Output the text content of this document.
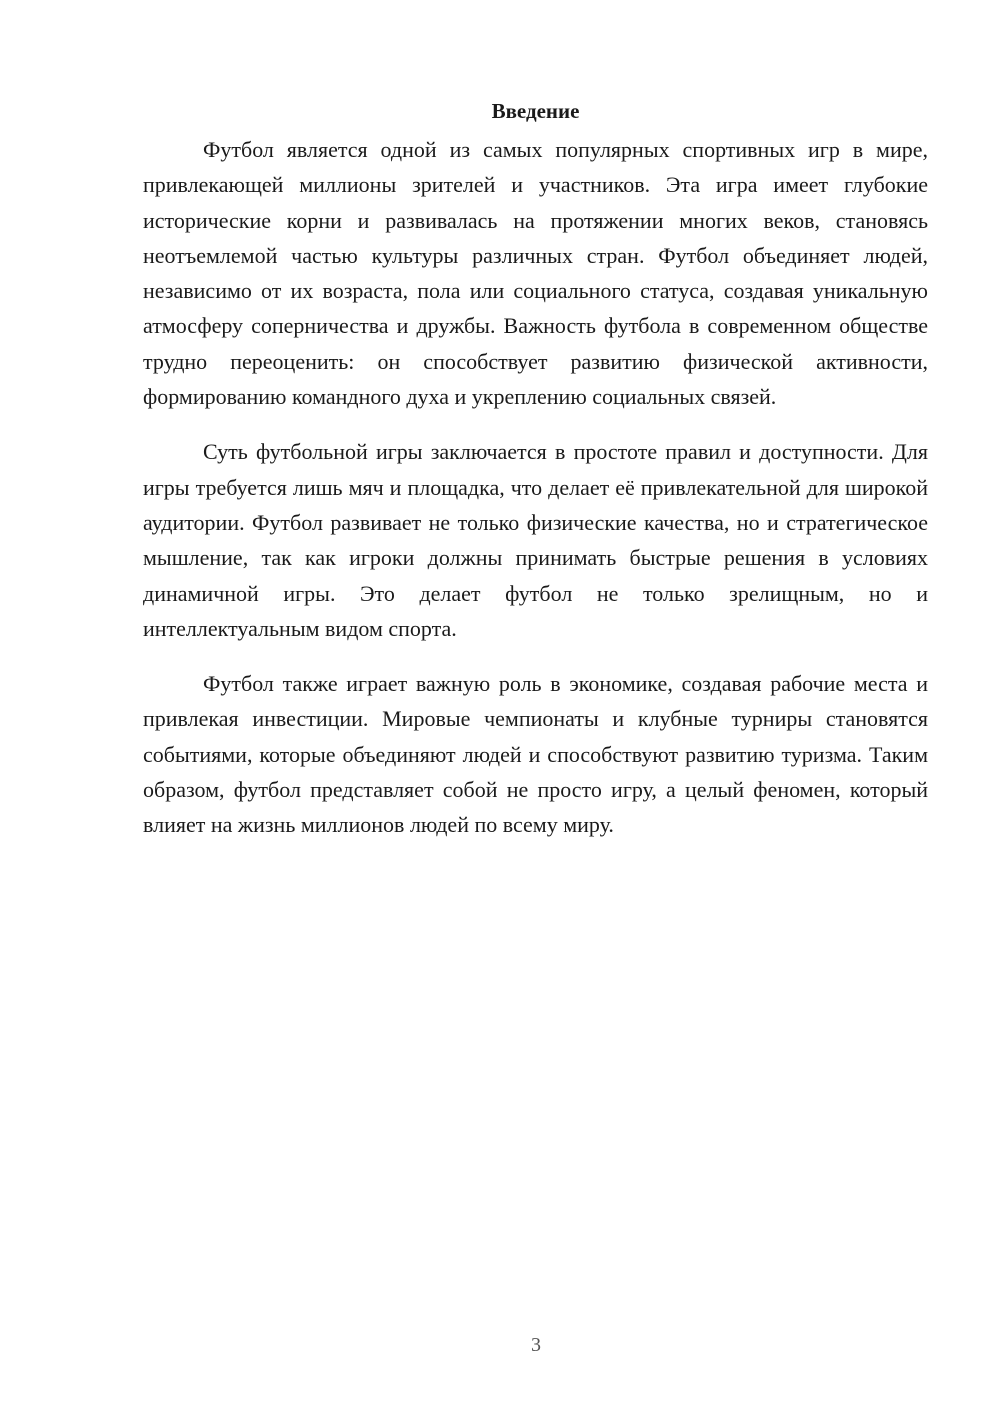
Введение

Футбол является одной из самых популярных спортивных игр в мире, привлекающей миллионы зрителей и участников. Эта игра имеет глубокие исторические корни и развивалась на протяжении многих веков, становясь неотъемлемой частью культуры различных стран. Футбол объединяет людей, независимо от их возраста, пола или социального статуса, создавая уникальную атмосферу соперничества и дружбы. Важность футбола в современном обществе трудно переоценить: он способствует развитию физической активности, формированию командного духа и укреплению социальных связей.

Суть футбольной игры заключается в простоте правил и доступности. Для игры требуется лишь мяч и площадка, что делает её привлекательной для широкой аудитории. Футбол развивает не только физические качества, но и стратегическое мышление, так как игроки должны принимать быстрые решения в условиях динамичной игры. Это делает футбол не только зрелищным, но и интеллектуальным видом спорта.

Футбол также играет важную роль в экономике, создавая рабочие места и привлекая инвестиции. Мировые чемпионаты и клубные турниры становятся событиями, которые объединяют людей и способствуют развитию туризма. Таким образом, футбол представляет собой не просто игру, а целый феномен, который влияет на жизнь миллионов людей по всему миру.

3
